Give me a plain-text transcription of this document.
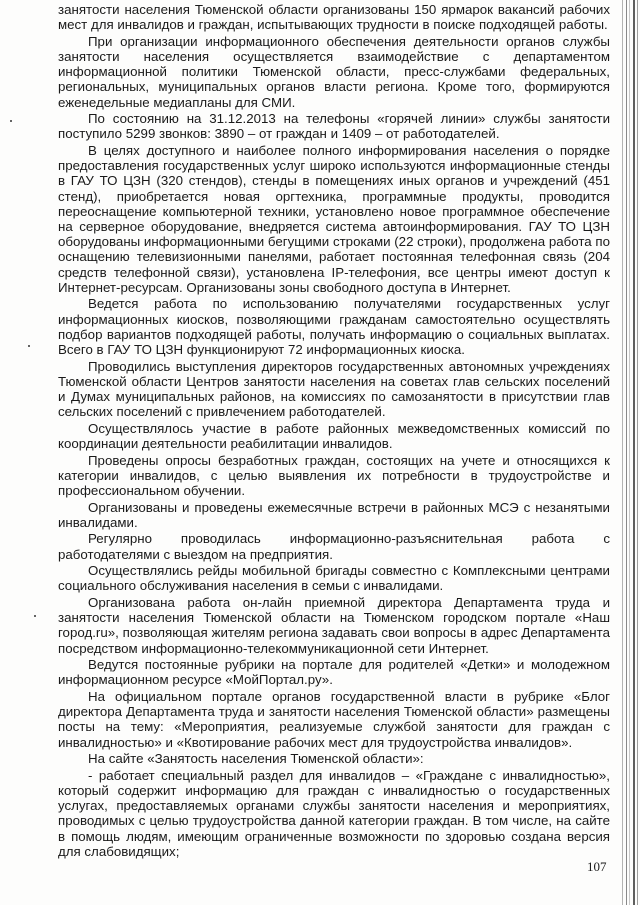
занятости населения Тюменской области организованы 150 ярмарок вакансий рабочих мест для инвалидов и граждан, испытывающих трудности в поиске подходящей работы.

При организации информационного обеспечения деятельности органов службы занятости населения осуществляется взаимодействие с департаментом информационной политики Тюменской области, пресс-службами федеральных, региональных, муниципальных органов власти региона. Кроме того, формируются еженедельные медиапланы для СМИ.

По состоянию на 31.12.2013 на телефоны «горячей линии» службы занятости поступило 5299 звонков: 3890 – от граждан и 1409 – от работодателей.

В целях доступного и наиболее полного информирования населения о порядке предоставления государственных услуг широко используются информационные стенды в ГАУ ТО ЦЗН (320 стендов), стенды в помещениях иных органов и учреждений (451 стенд), приобретается новая оргтехника, программные продукты, проводится переоснащение компьютерной техники, установлено новое программное обеспечение на серверное оборудование, внедряется система автоинформирования. ГАУ ТО ЦЗН оборудованы информационными бегущими строками (22 строки), продолжена работа по оснащению телевизионными панелями, работает постоянная телефонная связь (204 средств телефонной связи), установлена IP-телефония, все центры имеют доступ к Интернет-ресурсам. Организованы зоны свободного доступа в Интернет.

Ведется работа по использованию получателями государственных услуг информационных киосков, позволяющими гражданам самостоятельно осуществлять подбор вариантов подходящей работы, получать информацию о социальных выплатах. Всего в ГАУ ТО ЦЗН функционируют 72 информационных киоска.

Проводились выступления директоров государственных автономных учреждениях Тюменской области Центров занятости населения на советах глав сельских поселений и Думах муниципальных районов, на комиссиях по самозанятости в присутствии глав сельских поселений с привлечением работодателей.

Осуществлялось участие в работе районных межведомственных комиссий по координации деятельности реабилитации инвалидов.

Проведены опросы безработных граждан, состоящих на учете и относящихся к категории инвалидов, с целью выявления их потребности в трудоустройстве и профессиональном обучении.

Организованы и проведены ежемесячные встречи в районных МСЭ с незанятыми инвалидами.

Регулярно проводилась информационно-разъяснительная работа с работодателями с выездом на предприятия.

Осуществлялись рейды мобильной бригады совместно с Комплексными центрами социального обслуживания населения в семьи с инвалидами.

Организована работа он-лайн приемной директора Департамента труда и занятости населения Тюменской области на Тюменском городском портале «Наш город.ru», позволяющая жителям региона задавать свои вопросы в адрес Департамента посредством информационно-телекоммуникационной сети Интернет.

Ведутся постоянные рубрики на портале для родителей «Детки» и молодежном информационном ресурсе «МойПортал.ру».

На официальном портале органов государственной власти в рубрике «Блог директора Департамента труда и занятости населения Тюменской области» размещены посты на тему: «Мероприятия, реализуемые службой занятости для граждан с инвалидностью» и «Квотирование рабочих мест для трудоустройства инвалидов».

На сайте «Занятость населения Тюменской области»:

- работает специальный раздел для инвалидов – «Граждане с инвалидностью», который содержит информацию для граждан с инвалидностью о государственных услугах, предоставляемых органами службы занятости населения и мероприятиях, проводимых с целью трудоустройства данной категории граждан. В том числе, на сайте в помощь людям, имеющим ограниченные возможности по здоровью создана версия для слабовидящих;

107
